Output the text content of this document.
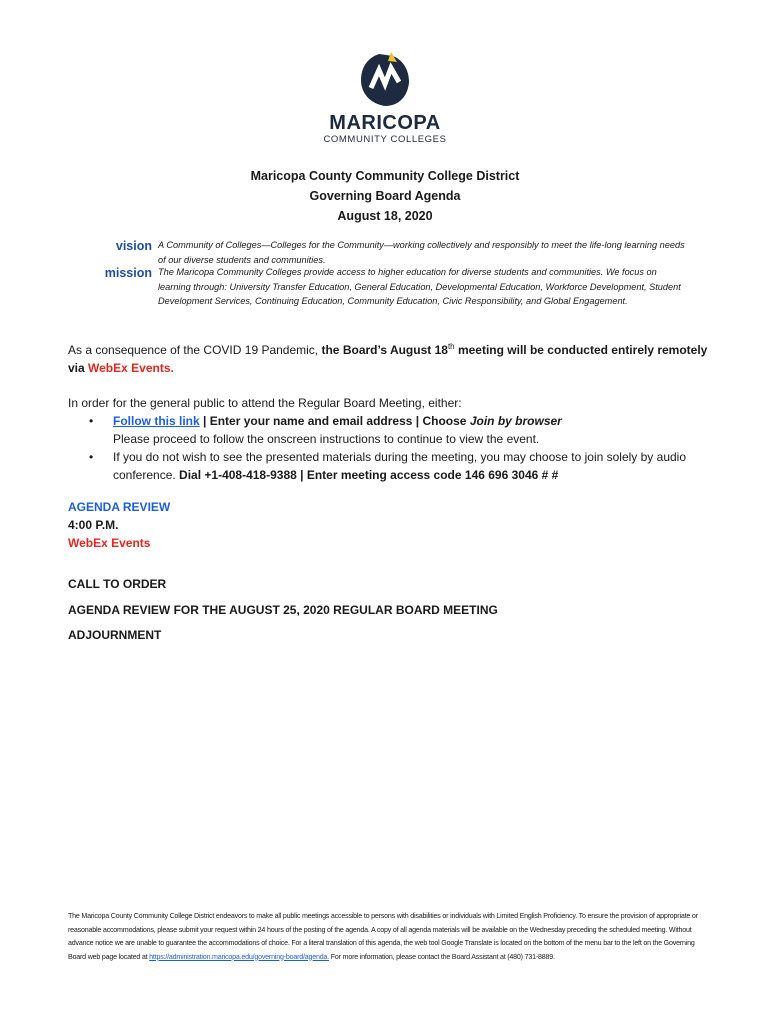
MARICOPA
COMMUNITY COLLEGES
Maricopa County Community College District
Governing Board Agenda
August 18, 2020
vision A Community of Colleges—Colleges for the Community—working collectively and responsibly to meet the life-long learning needs of our diverse students and communities.
mission The Maricopa Community Colleges provide access to higher education for diverse students and communities. We focus on learning through: University Transfer Education, General Education, Developmental Education, Workforce Development, Student Development Services, Continuing Education, Community Education, Civic Responsibility, and Global Engagement.
As a consequence of the COVID 19 Pandemic, the Board’s August 18th meeting will be conducted entirely remotely via WebEx Events.
In order for the general public to attend the Regular Board Meeting, either:
• Follow this link | Enter your name and email address | Choose Join by browser
Please proceed to follow the onscreen instructions to continue to view the event.
• If you do not wish to see the presented materials during the meeting, you may choose to join solely by audio conference. Dial +1-408-418-9388 | Enter meeting access code 146 696 3046 # #
AGENDA REVIEW
4:00 P.M.
WebEx Events
CALL TO ORDER
AGENDA REVIEW FOR THE AUGUST 25, 2020 REGULAR BOARD MEETING
ADJOURNMENT
The Maricopa County Community College District endeavors to make all public meetings accessible to persons with disabilities or individuals with Limited English Proficiency. To ensure the provision of appropriate or reasonable accommodations, please submit your request within 24 hours of the posting of the agenda. A copy of all agenda materials will be available on the Wednesday preceding the scheduled meeting. Without advance notice we are unable to guarantee the accommodations of choice. For a literal translation of this agenda, the web tool Google Translate is located on the bottom of the menu bar to the left on the Governing Board web page located at https://administration.maricopa.edu/governing-board/agenda. For more information, please contact the Board Assistant at (480) 731-8889.
